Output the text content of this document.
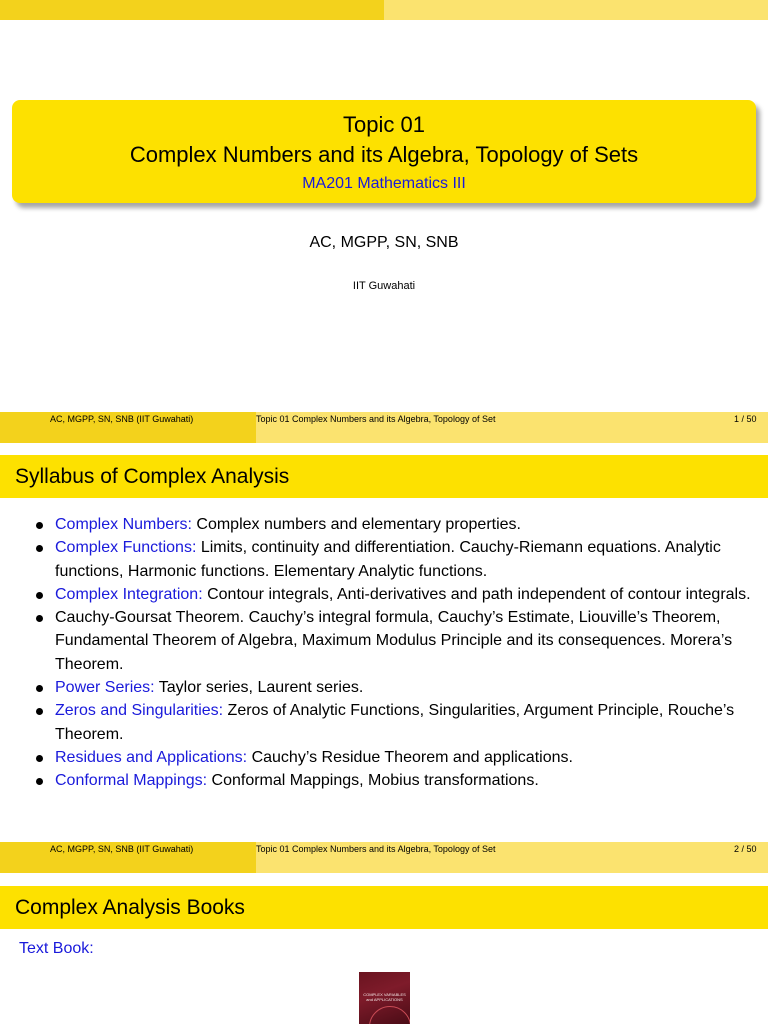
Topic 01
Complex Numbers and its Algebra, Topology of Sets
MA201 Mathematics III
AC, MGPP, SN, SNB
IIT Guwahati
AC, MGPP, SN, SNB (IIT Guwahati)	Topic 01 Complex Numbers and its Algebra, Topology of Set	1 / 50
Syllabus of Complex Analysis
Complex Numbers: Complex numbers and elementary properties.
Complex Functions: Limits, continuity and differentiation. Cauchy-Riemann equations. Analytic functions, Harmonic functions. Elementary Analytic functions.
Complex Integration: Contour integrals, Anti-derivatives and path independent of contour integrals.
Cauchy-Goursat Theorem. Cauchy’s integral formula, Cauchy’s Estimate, Liouville’s Theorem, Fundamental Theorem of Algebra, Maximum Modulus Principle and its consequences. Morera’s Theorem.
Power Series: Taylor series, Laurent series.
Zeros and Singularities: Zeros of Analytic Functions, Singularities, Argument Principle, Rouche’s Theorem.
Residues and Applications: Cauchy’s Residue Theorem and applications.
Conformal Mappings: Conformal Mappings, Mobius transformations.
AC, MGPP, SN, SNB (IIT Guwahati)	Topic 01 Complex Numbers and its Algebra, Topology of Set	2 / 50
Complex Analysis Books
Text Book:
COMPLEX VARIABLES and APPLICATIONS
